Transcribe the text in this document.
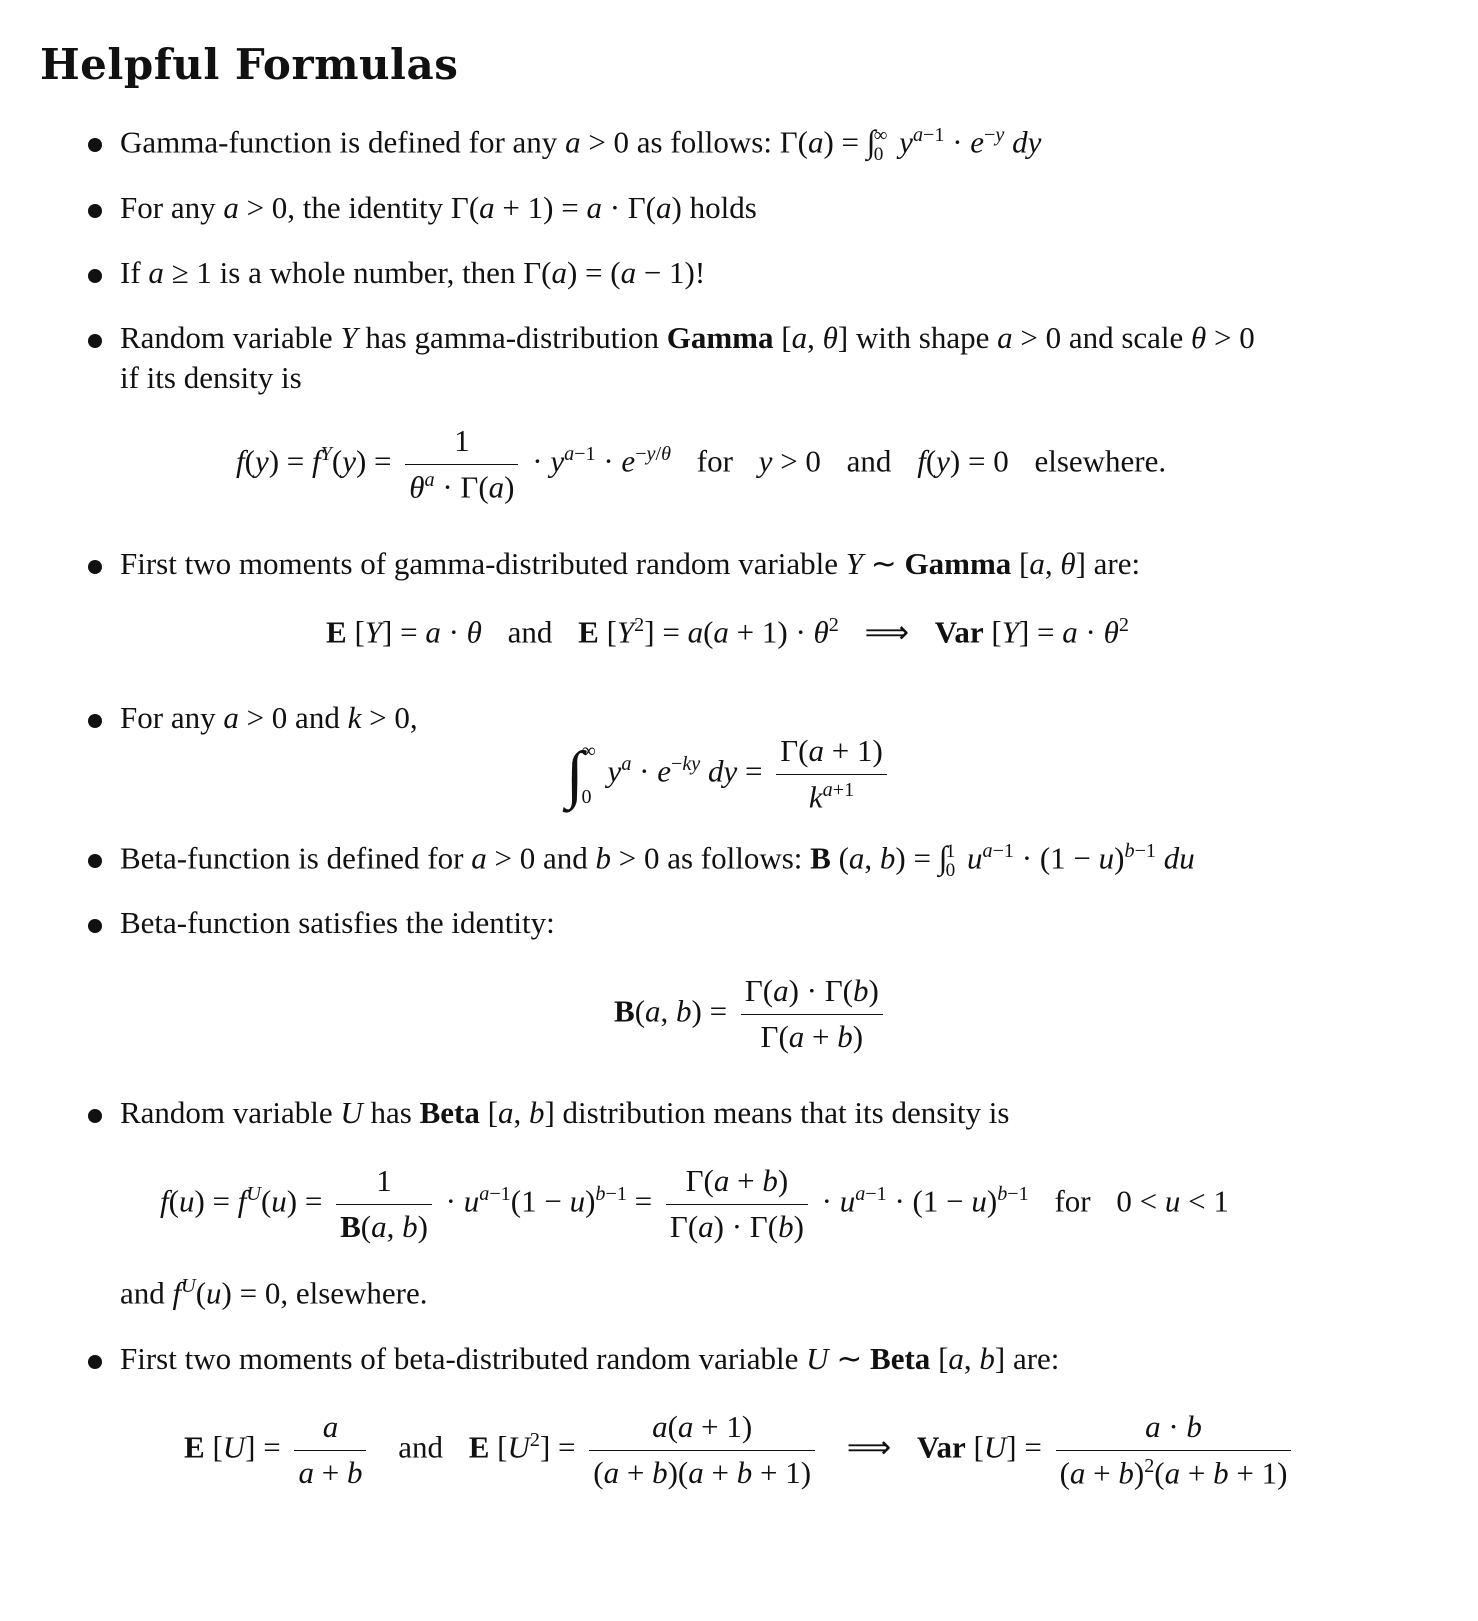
Helpful Formulas
Gamma-function is defined for any a > 0 as follows: Γ(a) = ∫
∞
0 $y^{a-1} \cdot e^{-y}$ dy
For any a > 0, the identity Γ(a + 1) = a · Γ(a) holds
If a ≥ 1 is a whole number, then Γ(a) = (a − 1)!
Random variable Y has gamma-distribution Gamma [a, θ] with shape a > 0 and scale θ > 0
if its density is
$f(y) = f^Y(y) = \frac{1}{\theta^a \cdot \Gamma(a)} \cdot y^{a-1} \cdot e^{-y/\theta}$ for y > 0 and f(y) = 0 elsewhere.
First two moments of gamma-distributed random variable Y ∼ Gamma [a, θ] are:
E [Y] = a · θ and E $[Y^2] = a(a + 1) \cdot \theta^2$ ⟹ Var $[Y] = a \cdot \theta^2$
For any a > 0 and k > 0,
∫
∞
0
$y^a \cdot e^{-ky}$ dy = $\frac{\Gamma(a + 1)}{k^{a+1}}$
Beta-function is defined for a > 0 and b > 0 as follows: B (a, b) = ∫
1
0 $u^{a-1} \cdot (1 - u)^{b-1}$ du
Beta-function satisfies the identity:
B(a, $b) = \frac{\Gamma(a) \cdot \Gamma(b)}{\Gamma(a + b)}$
Random variable U has Beta [a, b] distribution means that its density is
$f(u) = f^U(u) = \frac{1}{B(a, b)} \cdot u^{a-1}(1 - u)^{b-1} = \frac{\Gamma(a + b)}{\Gamma(a) \cdot \Gamma(b)} \cdot u^{a-1} \cdot (1 - u)^{b-1}$ for 0 < u < 1
and $f^U(u) = 0$, elsewhere.
First two moments of beta-distributed random variable U ∼ Beta [a, b] are:
E $[U] = \frac{a}{a + b}$ and E $[U^2] = \frac{a(a + 1)}{(a + b)(a + b + 1)}$ ⟹ Var $[U] = \frac{a \cdot b}{(a + b)^2(a + b + 1)}$
